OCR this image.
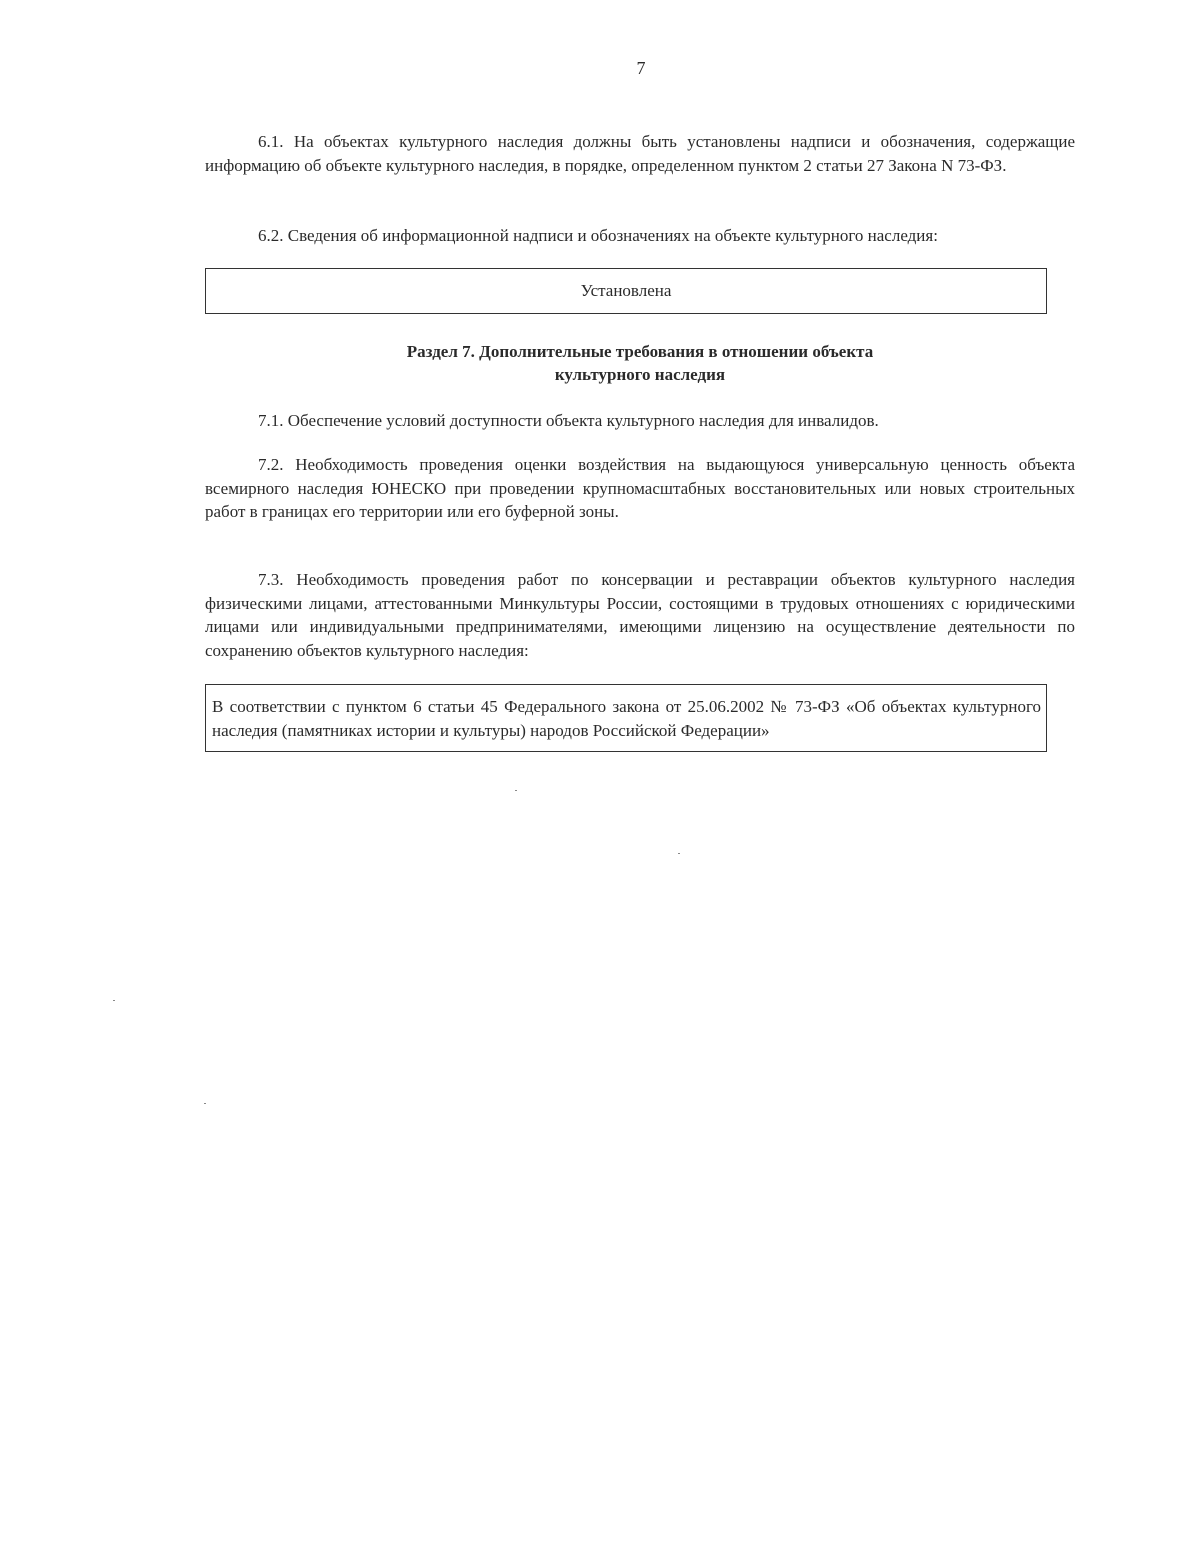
7

6.1. На объектах культурного наследия должны быть установлены надписи и обозначения, содержащие информацию об объекте культурного наследия, в порядке, определенном пунктом 2 статьи 27 Закона N 73-ФЗ.

6.2. Сведения об информационной надписи и обозначениях на объекте культурного наследия:

Установлена
Раздел 7. Дополнительные требования в отношении объекта
культурного наследия

7.1. Обеспечение условий доступности объекта культурного наследия для инвалидов.

7.2. Необходимость проведения оценки воздействия на выдающуюся универсальную ценность объекта всемирного наследия ЮНЕСКО при проведении крупномасштабных восстановительных или новых строительных работ в границах его территории или его буферной зоны.

7.3. Необходимость проведения работ по консервации и реставрации объектов культурного наследия физическими лицами, аттестованными Минкультуры России, состоящими в трудовых отношениях с юридическими лицами или индивидуальными предпринимателями, имеющими лицензию на осуществление деятельности по сохранению объектов культурного наследия:

В соответствии с пунктом 6 статьи 45 Федерального закона от 25.06.2002 № 73-ФЗ «Об объектах культурного наследия (памятниках истории и культуры) народов Российской Федерации»
